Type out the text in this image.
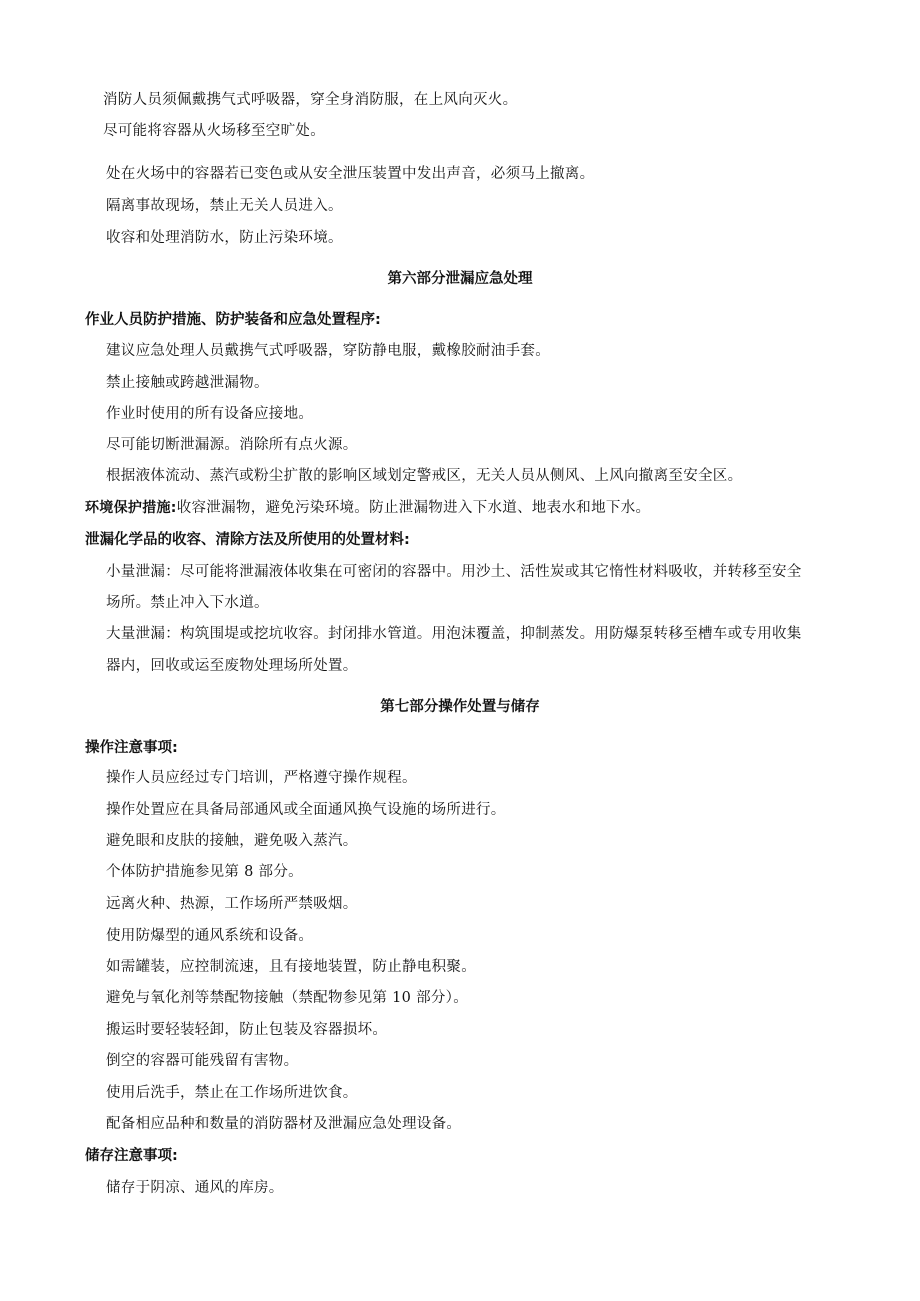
消防人员须佩戴携气式呼吸器，穿全身消防服，在上风向灭火。
尽可能将容器从火场移至空旷处。
处在火场中的容器若已变色或从安全泄压装置中发出声音，必须马上撤离。
隔离事故现场，禁止无关人员进入。
收容和处理消防水，防止污染环境。
第六部分泄漏应急处理
作业人员防护措施、防护装备和应急处置程序:
建议应急处理人员戴携气式呼吸器，穿防静电服，戴橡胶耐油手套。
禁止接触或跨越泄漏物。
作业时使用的所有设备应接地。
尽可能切断泄漏源。消除所有点火源。
根据液体流动、蒸汽或粉尘扩散的影响区域划定警戒区，无关人员从侧风、上风向撤离至安全区。
环境保护措施:收容泄漏物，避免污染环境。防止泄漏物进入下水道、地表水和地下水。
泄漏化学品的收容、清除方法及所使用的处置材料:
小量泄漏：尽可能将泄漏液体收集在可密闭的容器中。用沙土、活性炭或其它惰性材料吸收，并转移至安全
场所。禁止冲入下水道。
大量泄漏：构筑围堤或挖坑收容。封闭排水管道。用泡沫覆盖，抑制蒸发。用防爆泵转移至槽车或专用收集
器内，回收或运至废物处理场所处置。
第七部分操作处置与储存
操作注意事项:
操作人员应经过专门培训，严格遵守操作规程。
操作处置应在具备局部通风或全面通风换气设施的场所进行。
避免眼和皮肤的接触，避免吸入蒸汽。
个体防护措施参见第 8 部分。
远离火种、热源，工作场所严禁吸烟。
使用防爆型的通风系统和设备。
如需罐装，应控制流速，且有接地装置，防止静电积聚。
避免与氧化剂等禁配物接触（禁配物参见第 10 部分）。
搬运时要轻装轻卸，防止包装及容器损坏。
倒空的容器可能残留有害物。
使用后洗手，禁止在工作场所进饮食。
配备相应品种和数量的消防器材及泄漏应急处理设备。
储存注意事项:
储存于阴凉、通风的库房。
